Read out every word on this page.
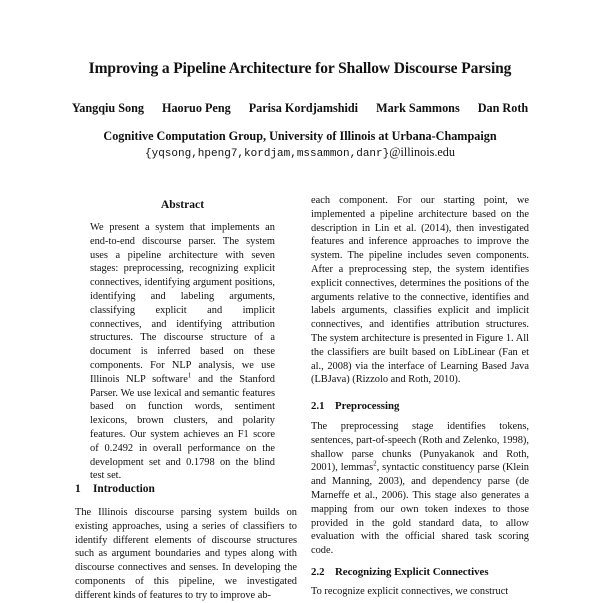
Improving a Pipeline Architecture for Shallow Discourse Parsing
Yangqiu Song Haoruo Peng Parisa Kordjamshidi Mark Sammons Dan Roth
Cognitive Computation Group, University of Illinois at Urbana-Champaign
{yqsong,hpeng7,kordjam,mssammon,danr}@illinois.edu
Abstract
We present a system that implements an end-to-end discourse parser. The system uses a pipeline architecture with seven stages: preprocessing, recognizing explicit connectives, identifying argument positions, identifying and labeling arguments, classifying explicit and implicit connectives, and identifying attribution structures. The discourse structure of a document is inferred based on these components. For NLP analysis, we use Illinois NLP software$^1$ and the Stanford Parser. We use lexical and semantic features based on function words, sentiment lexicons, brown clusters, and polarity features. Our system achieves an F1 score of 0.2492 in overall performance on the development set and 0.1798 on the blind test set.
1 Introduction
The Illinois discourse parsing system builds on existing approaches, using a series of classifiers to identify different elements of discourse structures such as argument boundaries and types along with discourse connectives and senses. In developing the components of this pipeline, we investigated different kinds of features to try to improve ab-
each component. For our starting point, we implemented a pipeline architecture based on the description in Lin et al. (2014), then investigated features and inference approaches to improve the system. The pipeline includes seven components. After a preprocessing step, the system identifies explicit connectives, determines the positions of the arguments relative to the connective, identifies and labels arguments, classifies explicit and implicit connectives, and identifies attribution structures. The system architecture is presented in Figure 1. All the classifiers are built based on LibLinear (Fan et al., 2008) via the interface of Learning Based Java (LBJava) (Rizzolo and Roth, 2010).
2.1 Preprocessing
The preprocessing stage identifies tokens, sentences, part-of-speech (Roth and Zelenko, 1998), shallow parse chunks (Punyakanok and Roth, 2001), lemmas$^2$, syntactic constituency parse (Klein and Manning, 2003), and dependency parse (de Marneffe et al., 2006). This stage also generates a mapping from our own token indexes to those provided in the gold standard data, to allow evaluation with the official shared task scoring code.
2.2 Recognizing Explicit Connectives
To recognize explicit connectives, we construct
